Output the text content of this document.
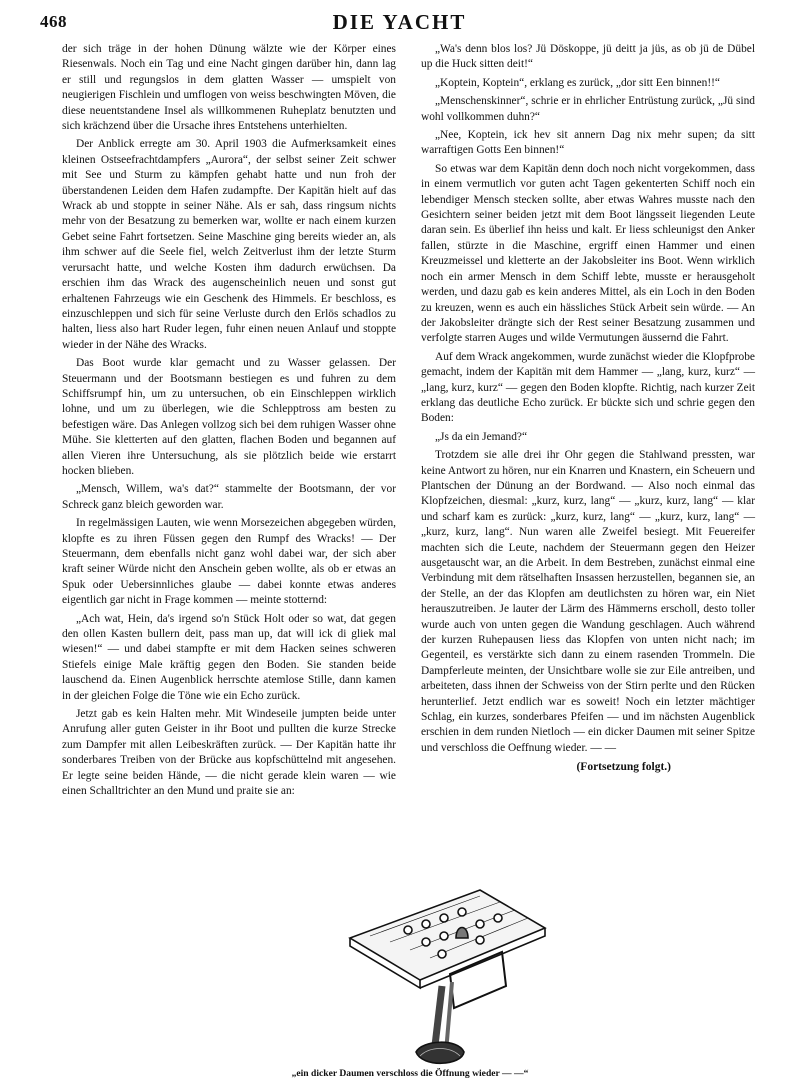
468	DIE YACHT

der sich träge in der hohen Dünung wälzte wie der Körper eines Riesenwals. Noch ein Tag und eine Nacht gingen darüber hin, dann lag er still und regungslos in dem glatten Wasser — umspielt von neugierigen Fischlein und umflogen von weiss beschwingten Möven, die diese neuentstandene Insel als willkommenen Ruheplatz benutzten und sich krächzend über die Ursache ihres Entstehens unterhielten.

Der Anblick erregte am 30. April 1903 die Aufmerksamkeit eines kleinen Ostseefrachtdampfers „Aurora“, der selbst seiner Zeit schwer mit See und Sturm zu kämpfen gehabt hatte und nun froh der überstandenen Leiden dem Hafen zudampfte. Der Kapitän hielt auf das Wrack ab und stoppte in seiner Nähe. Als er sah, dass ringsum nichts mehr von der Besatzung zu bemerken war, wollte er nach einem kurzen Gebet seine Fahrt fortsetzen. Seine Maschine ging bereits wieder an, als ihm schwer auf die Seele fiel, welch Zeitverlust ihm der letzte Sturm verursacht hatte, und welche Kosten ihm dadurch erwüchsen. Da erschien ihm das Wrack des augenscheinlich neuen und sonst gut erhaltenen Fahrzeugs wie ein Geschenk des Himmels. Er beschloss, es einzuschleppen und sich für seine Verluste durch den Erlös schadlos zu halten, liess also hart Ruder legen, fuhr einen neuen Anlauf und stoppte wieder in der Nähe des Wracks.

Das Boot wurde klar gemacht und zu Wasser gelassen. Der Steuermann und der Bootsmann bestiegen es und fuhren zu dem Schiffsrumpf hin, um zu untersuchen, ob ein Einschleppen wirklich lohne, und um zu überlegen, wie die Schlepptross am besten zu befestigen wäre. Das Anlegen vollzog sich bei dem ruhigen Wasser ohne Mühe. Sie kletterten auf den glatten, flachen Boden und begannen auf allen Vieren ihre Untersuchung, als sie plötzlich beide wie erstarrt hocken blieben.

„Mensch, Willem, wa's dat?“ stammelte der Bootsmann, der vor Schreck ganz bleich geworden war.

In regelmässigen Lauten, wie wenn Morsezeichen abgegeben würden, klopfte es zu ihren Füssen gegen den Rumpf des Wracks! — Der Steuermann, dem ebenfalls nicht ganz wohl dabei war, der sich aber kraft seiner Würde nicht den Anschein geben wollte, als ob er etwas an Spuk oder Uebersinnliches glaube — dabei konnte etwas anderes eigentlich gar nicht in Frage kommen — meinte stotternd:

„Ach wat, Hein, da's irgend so'n Stück Holt oder so wat, dat gegen den ollen Kasten bullern deit, pass man up, dat will ick di gliek mal wiesen!“ — und dabei stampfte er mit dem Hacken seines schweren Stiefels einige Male kräftig gegen den Boden. Sie standen beide lauschend da. Einen Augenblick herrschte atemlose Stille, dann kamen in der gleichen Folge die Töne wie ein Echo zurück.

Jetzt gab es kein Halten mehr. Mit Windeseile jumpten beide unter Anrufung aller guten Geister in ihr Boot und pullten die kurze Strecke zum Dampfer mit allen Leibeskräften zurück. — Der Kapitän hatte ihr sonderbares Treiben von der Brücke aus kopfschüttelnd mit angesehen. Er legte seine beiden Hände, — die nicht gerade klein waren — wie einen Schalltrichter an den Mund und praite sie an:

„Wa's denn blos los? Jü Döskoppe, jü deitt ja jüs, as ob jü de Dübel up die Huck sitten deit!“

„Koptein, Koptein“, erklang es zurück, „dor sitt Een binnen!!“

„Menschenskinner“, schrie er in ehrlicher Entrüstung zurück, „Jü sind wohl vollkommen duhn?“

„Nee, Koptein, ick hev sit annern Dag nix mehr supen; da sitt warraftigen Gotts Een binnen!“

So etwas war dem Kapitän denn doch noch nicht vorgekommen, dass in einem vermutlich vor guten acht Tagen gekenterten Schiff noch ein lebendiger Mensch stecken sollte, aber etwas Wahres musste nach den Gesichtern seiner beiden jetzt mit dem Boot längsseit liegenden Leute daran sein. Es überlief ihn heiss und kalt. Er liess schleunigst den Anker fallen, stürzte in die Maschine, ergriff einen Hammer und einen Kreuzmeissel und kletterte an der Jakobsleiter ins Boot. Wenn wirklich noch ein armer Mensch in dem Schiff lebte, musste er herausgeholt werden, und dazu gab es kein anderes Mittel, als ein Loch in den Boden zu kreuzen, wenn es auch ein hässliches Stück Arbeit sein würde. — An der Jakobsleiter drängte sich der Rest seiner Besatzung zusammen und verfolgte starren Auges und wilde Vermutungen äussernd die Fahrt.

Auf dem Wrack angekommen, wurde zunächst wieder die Klopfprobe gemacht, indem der Kapitän mit dem Hammer — „lang, kurz, kurz“ — „lang, kurz, kurz“ — gegen den Boden klopfte. Richtig, nach kurzer Zeit erklang das deutliche Echo zurück. Er bückte sich und schrie gegen den Boden:

„Js da ein Jemand?“

Trotzdem sie alle drei ihr Ohr gegen die Stahlwand pressten, war keine Antwort zu hören, nur ein Knarren und Knastern, ein Scheuern und Plantschen der Dünung an der Bordwand. — Also noch einmal das Klopfzeichen, diesmal: „kurz, kurz, lang“ — „kurz, kurz, lang“ — klar und scharf kam es zurück: „kurz, kurz, lang“ — „kurz, kurz, lang“ — „kurz, kurz, lang“. Nun waren alle Zweifel besiegt. Mit Feuereifer machten sich die Leute, nachdem der Steuermann gegen den Heizer ausgetauscht war, an die Arbeit. In dem Bestreben, zunächst einmal eine Verbindung mit dem rätselhaften Insassen herzustellen, begannen sie, an der Stelle, an der das Klopfen am deutlichsten zu hören war, ein Niet herauszutreiben. Je lauter der Lärm des Hämmerns erscholl, desto toller wurde auch von unten gegen die Wandung geschlagen. Auch während der kurzen Ruhepausen liess das Klopfen von unten nicht nach; im Gegenteil, es verstärkte sich dann zu einem rasenden Trommeln. Die Dampferleute meinten, der Unsichtbare wolle sie zur Eile antreiben, und arbeiteten, dass ihnen der Schweiss von der Stirn perlte und den Rücken herunterlief. Jetzt endlich war es soweit! Noch ein letzter mächtiger Schlag, ein kurzes, sonderbares Pfeifen — und im nächsten Augenblick erschien in dem runden Nietloch — ein dicker Daumen mit seiner Spitze und verschloss die Oeffnung wieder. — —

(Fortsetzung folgt.)
„ein dicker Daumen verschloss die Öffnung wieder — —“
